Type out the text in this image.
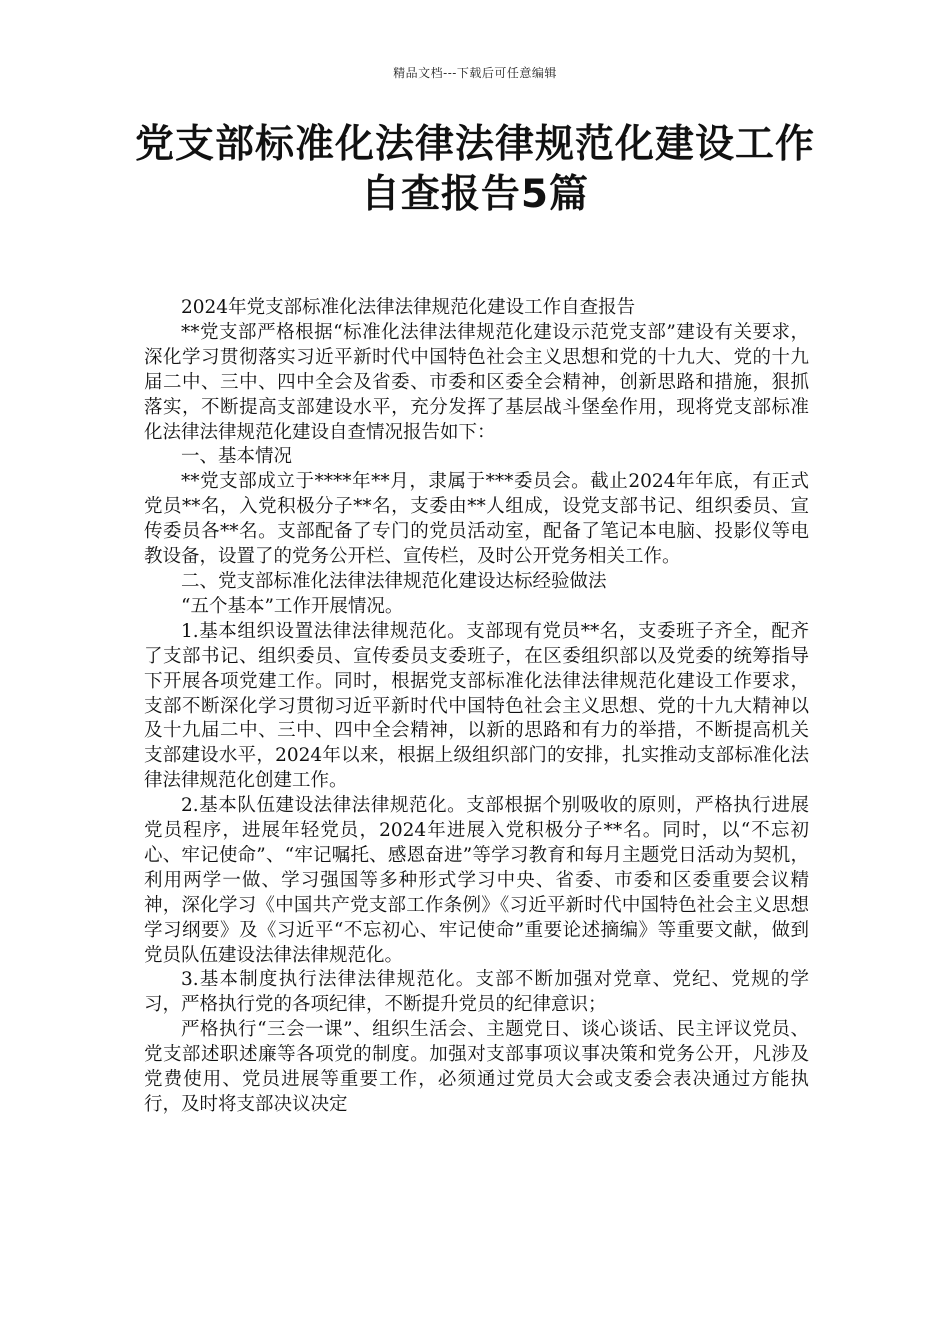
精品文档---下载后可任意编辑
党支部标准化法律法律规范化建设工作
自查报告5篇

2024年党支部标准化法律法律规范化建设工作自查报告

**党支部严格根据“标准化法律法律规范化建设示范党支部”建设有关要求，深化学习贯彻落实习近平新时代中国特色社会主义思想和党的十九大、党的十九届二中、三中、四中全会及省委、市委和区委全会精神，创新思路和措施，狠抓落实，不断提高支部建设水平，充分发挥了基层战斗堡垒作用，现将党支部标准化法律法律规范化建设自查情况报告如下：

一、基本情况

**党支部成立于****年**月，隶属于***委员会。截止2024年年底，有正式党员**名，入党积极分子**名，支委由**人组成，设党支部书记、组织委员、宣传委员各**名。支部配备了专门的党员活动室，配备了笔记本电脑、投影仪等电教设备，设置了的党务公开栏、宣传栏，及时公开党务相关工作。

二、党支部标准化法律法律规范化建设达标经验做法

“五个基本”工作开展情况。

1.基本组织设置法律法律规范化。支部现有党员**名，支委班子齐全，配齐了支部书记、组织委员、宣传委员支委班子，在区委组织部以及党委的统筹指导下开展各项党建工作。同时，根据党支部标准化法律法律规范化建设工作要求，支部不断深化学习贯彻习近平新时代中国特色社会主义思想、党的十九大精神以及十九届二中、三中、四中全会精神，以新的思路和有力的举措，不断提高机关支部建设水平，2024年以来，根据上级组织部门的安排，扎实推动支部标准化法律法律规范化创建工作。

2.基本队伍建设法律法律规范化。支部根据个别吸收的原则，严格执行进展党员程序，进展年轻党员，2024年进展入党积极分子**名。同时，以“不忘初心、牢记使命”、“牢记嘱托、感恩奋进”等学习教育和每月主题党日活动为契机，利用两学一做、学习强国等多种形式学习中央、省委、市委和区委重要会议精神，深化学习《中国共产党支部工作条例》《习近平新时代中国特色社会主义思想学习纲要》及《习近平“不忘初心、牢记使命”重要论述摘编》等重要文献，做到党员队伍建设法律法律规范化。

3.基本制度执行法律法律规范化。支部不断加强对党章、党纪、党规的学习，严格执行党的各项纪律，不断提升党员的纪律意识；

严格执行“三会一课”、组织生活会、主题党日、谈心谈话、民主评议党员、党支部述职述廉等各项党的制度。加强对支部事项议事决策和党务公开，凡涉及党费使用、党员进展等重要工作，必须通过党员大会或支委会表决通过方能执行，及时将支部决议决定
